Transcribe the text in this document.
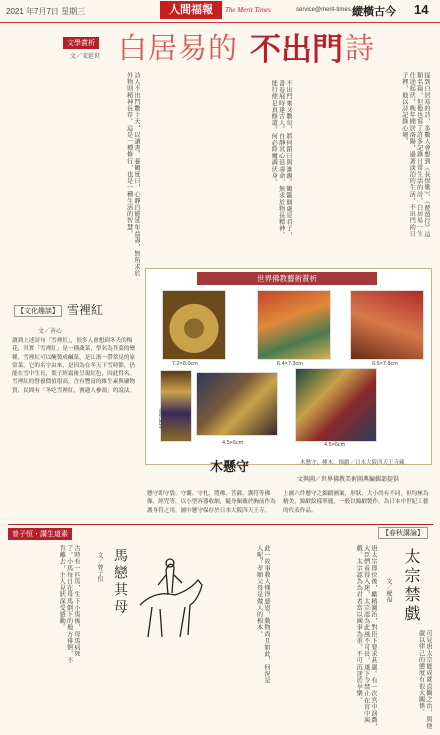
2021 年7月7日 星期三	人間福報	The Merit Times	service@merit-times.com.tw
縱橫古今 14
文學賞析
文／宋延世 白居易的 不出門 詩
提到白居易的詩，多數人會想到《長恨歌》、《琵琶行》這類名篇，但他也寫了許多記錄日常生活的詩。白居易一生仕途起伏，晚年閒居洛陽，過著淡泊的生活，不出門的日子裡，他以詩記錄心境。
不出門來又數旬，將何銷日與誰親。鶴籠開處見君子，書卷展時逢古人。自靜其心延壽命，無求於物長精神。能行便是真修道，何必降魔調伏身。
詩人不出門數十天，以讀書、養鶴度日，心靜自能延年益壽，無所求於外物則精神長存。這是一種修行，也是一種生活的智慧。
世界佛教藝術賞析
7.2×8.0cm	6.4×7.3cm	6.5×7.8cm
高6.5cm
4.5×6cm	4.5×6cm
木懸守	木懸守，種木，錦緞／日本大阪四天王寺藏
文與圖／世界佛教美術圖典編輯部提供
懸守即守袋、守囊、守札、將佛、菩薩、護符等佛像、經咒等，以小型容器收納，隨身佩戴於胸前作為護身符之用。圖中懸守保存於日本大阪四天王寺。
上圖六件懸守之錦緞圖案，形狀、大小尚有不同，但均極為精美，錦緞紋樣華麗，一般以錦緞製作，為日本中世紀工藝的代表作品。
【文化趣談】 雪裡紅
文／善心
讀到上述詩句「雪裡紅」，很多人會想到冬天的梅花，其實「雪裡紅」是一種蔬菜，學名為芥菜的變種。雪裡紅可以醃製成鹹菜，是江浙一帶常見的家常菜。它的名字由來，是因為在冬天下雪時節，仍能在雪中生長，葉子經霜後呈現紅色，因此得名。雪裡紅的營養價值很高，含有豐富的維生素與礦物質，民間有「冬吃雪裡紅，賽過人參湯」的說法。
曾子恒・講生道素
古時有一匹馬，生下小馬後，母馬病死了。小馬每日在母馬倒下的地方徘徊，不肯離去，主人見狀深受感動。	馬戀其母
文／曾子恒	此一故事教人懂得感恩，動物尚且如此，何況是人呢？孝順父母是做人的根本。
【春秋講論】
太宗禁戲
文／慶福
唐太宗即位後，勵精圖治，對臣下要求甚嚴。有一次宮中演戲，大臣們看得入迷，太宗認為此風不可長，遂下令禁止在宮中演戲。太宗認為為君者當以國事為重，不可沉迷於享樂。	可見唐太宗能成就貞觀之治，與他嚴以律己的態度有很大關係。
